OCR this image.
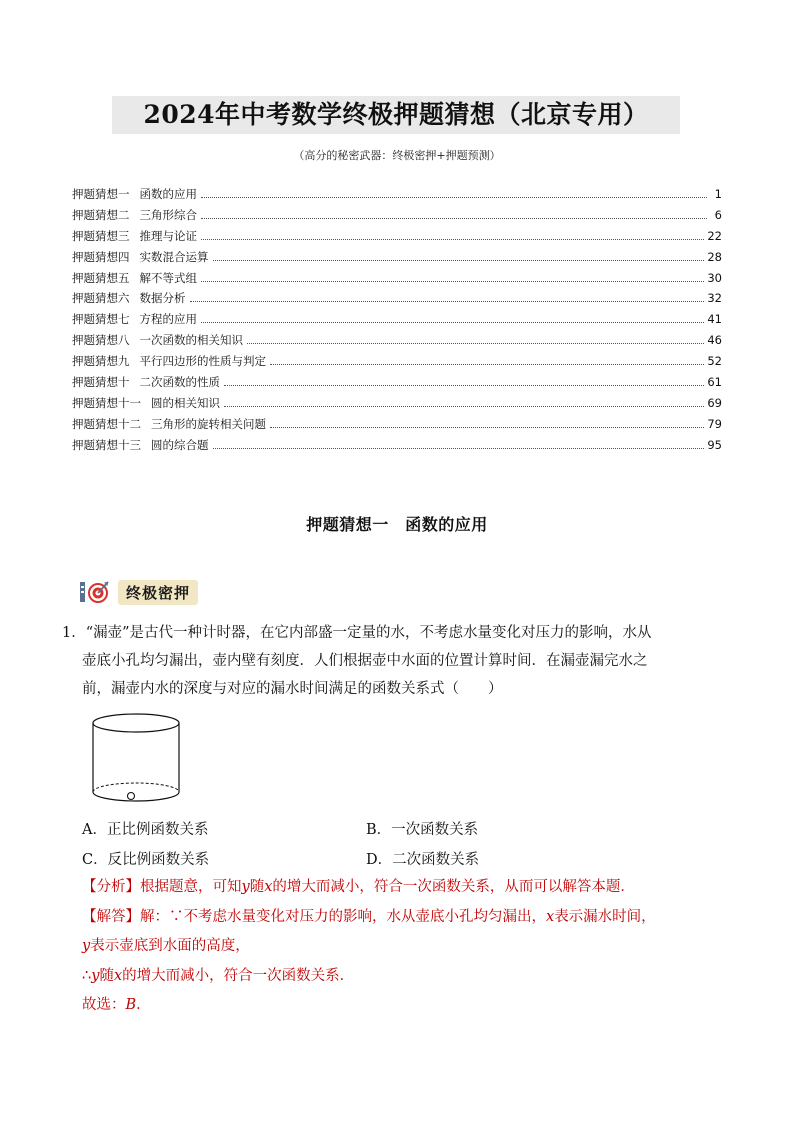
2024年中考数学终极押题猜想（北京专用）
（高分的秘密武器：终极密押+押题预测）
押题猜想一 函数的应用	1
押题猜想二 三角形综合	6
押题猜想三 推理与论证	22
押题猜想四 实数混合运算	28
押题猜想五 解不等式组	30
押题猜想六 数据分析	32
押题猜想七 方程的应用	41
押题猜想八 一次函数的相关知识	46
押题猜想九 平行四边形的性质与判定	52
押题猜想十 二次函数的性质	61
押题猜想十一 圆的相关知识	69
押题猜想十二 三角形的旋转相关问题	79
押题猜想十三 圆的综合题	95
押题猜想一　函数的应用
终极密押
1．“漏壶”是古代一种计时器，在它内部盛一定量的水，不考虑水量变化对压力的影响，水从
壶底小孔均匀漏出，壶内壁有刻度．人们根据壶中水面的位置计算时间．在漏壶漏完水之
前，漏壶内水的深度与对应的漏水时间满足的函数关系式（　　）
A．正比例函数关系	B．一次函数关系
C．反比例函数关系	D．二次函数关系
【分析】根据题意，可知y随x的增大而减小，符合一次函数关系，从而可以解答本题．
【解答】解：∵不考虑水量变化对压力的影响，水从壶底小孔均匀漏出，x表示漏水时间，
y表示壶底到水面的高度，
∴y随x的增大而减小，符合一次函数关系．
故选：B．
